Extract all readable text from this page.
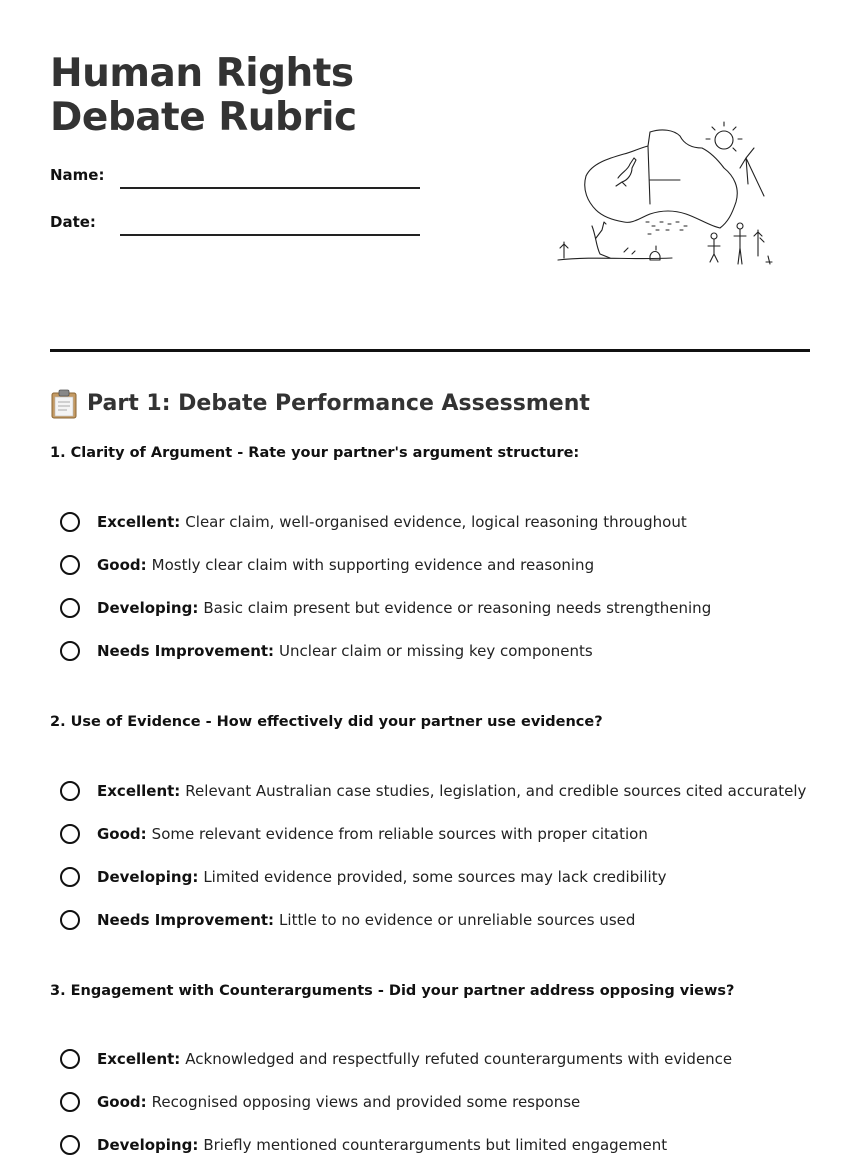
Human Rights Debate Rubric
Name:
Date:
Part 1: Debate Performance Assessment

1. Clarity of Argument - Rate your partner's argument structure:

Excellent: Clear claim, well-organised evidence, logical reasoning throughout
Good: Mostly clear claim with supporting evidence and reasoning
Developing: Basic claim present but evidence or reasoning needs strengthening
Needs Improvement: Unclear claim or missing key components

2. Use of Evidence - How effectively did your partner use evidence?

Excellent: Relevant Australian case studies, legislation, and credible sources cited accurately
Good: Some relevant evidence from reliable sources with proper citation
Developing: Limited evidence provided, some sources may lack credibility
Needs Improvement: Little to no evidence or unreliable sources used

3. Engagement with Counterarguments - Did your partner address opposing views?

Excellent: Acknowledged and respectfully refuted counterarguments with evidence
Good: Recognised opposing views and provided some response
Developing: Briefly mentioned counterarguments but limited engagement
